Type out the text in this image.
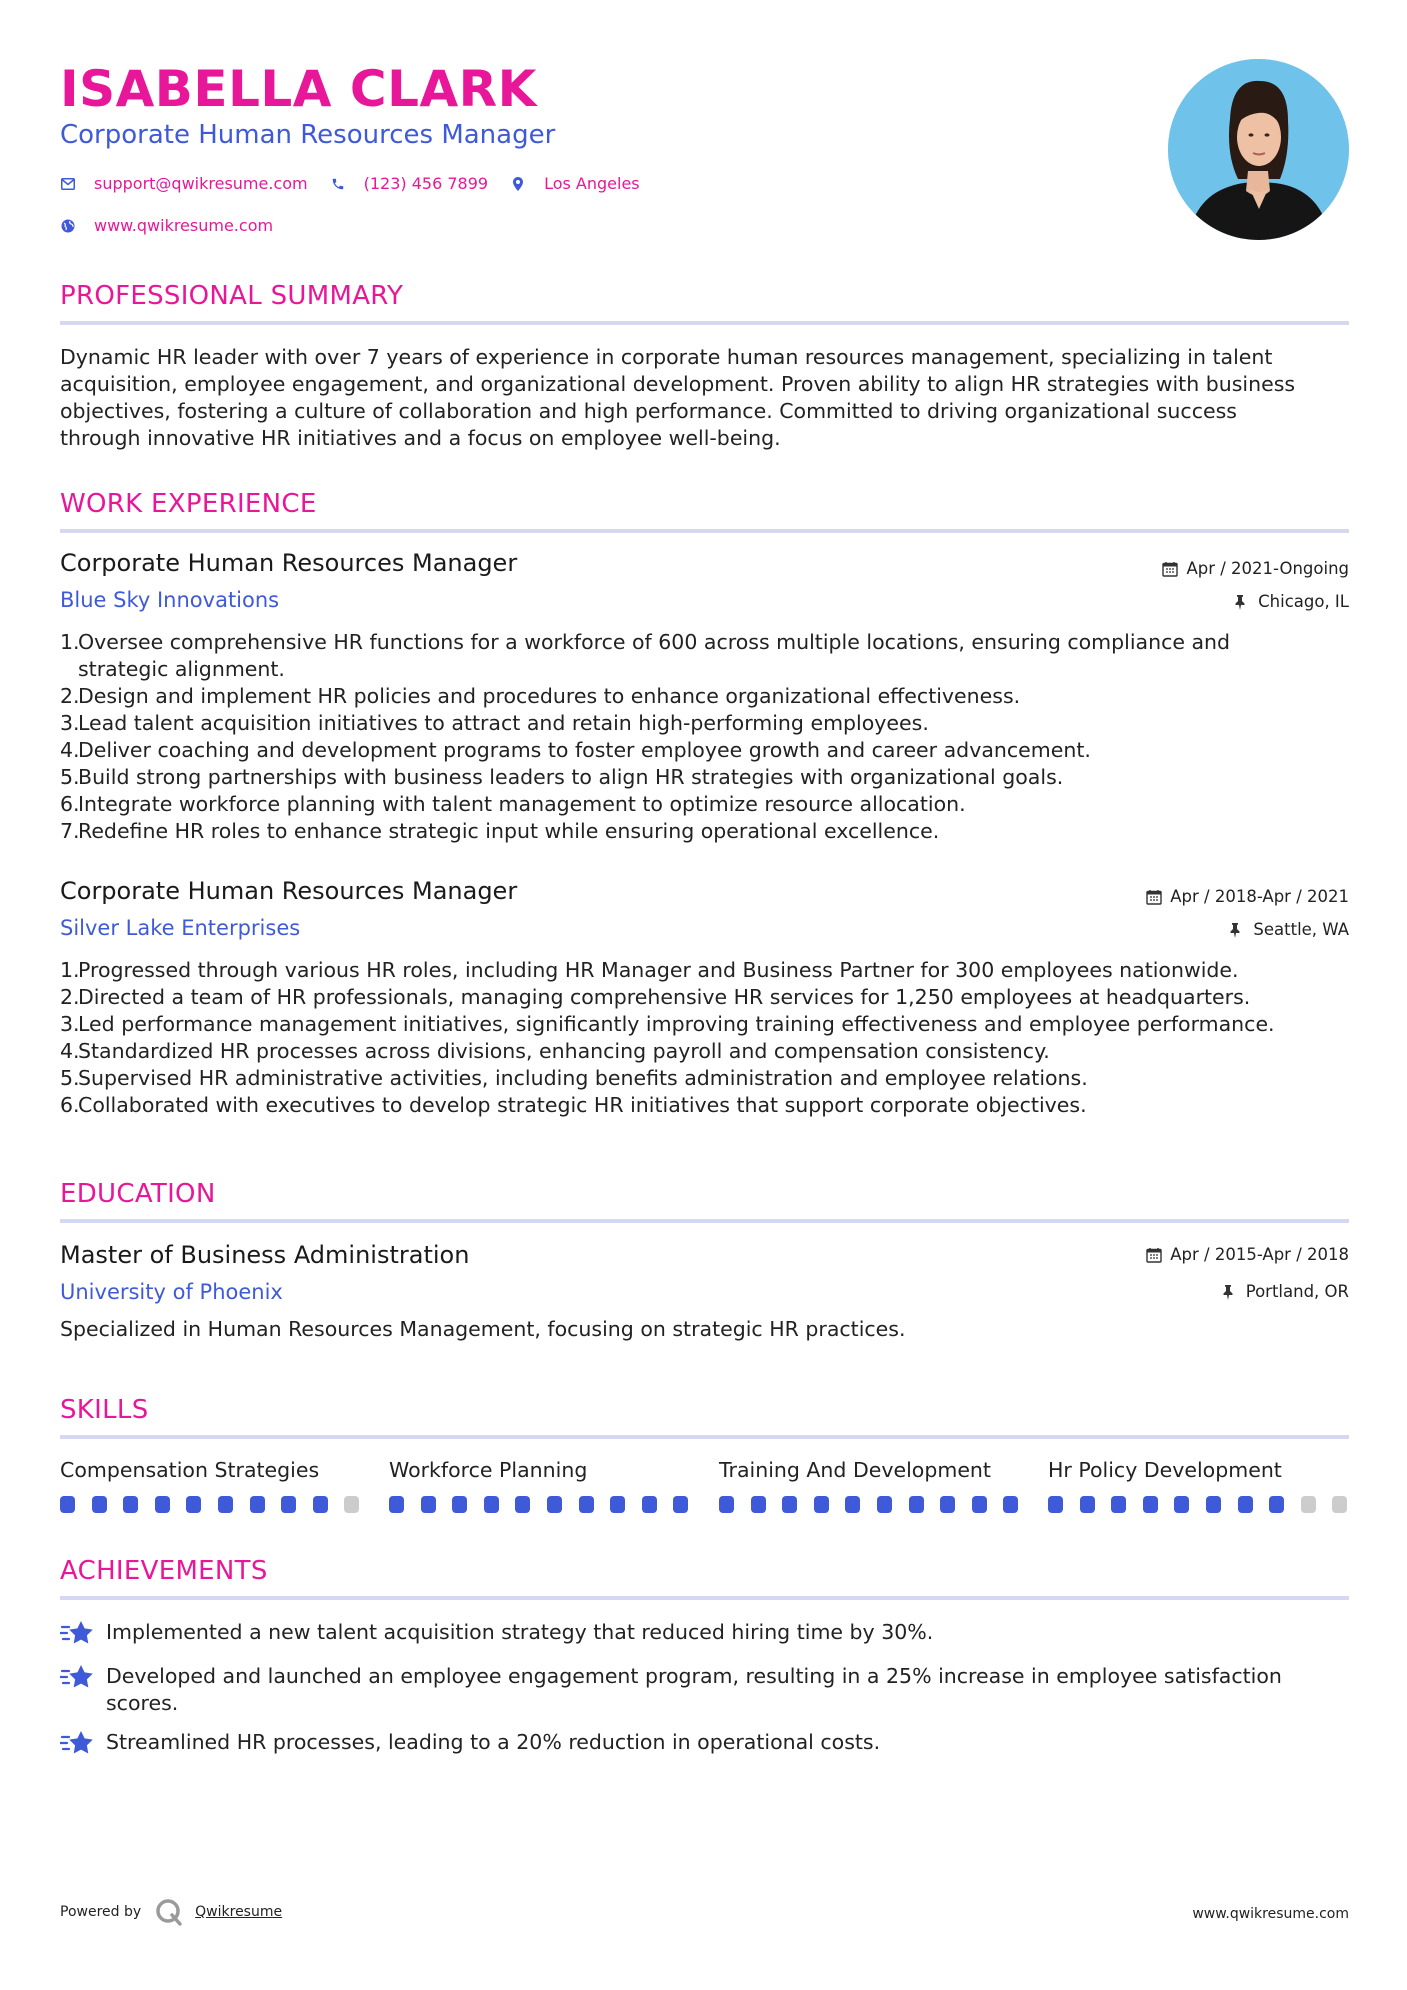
ISABELLA CLARK
Corporate Human Resources Manager
support@qwikresume.com	(123) 456 7899	Los Angeles
www.qwikresume.com
PROFESSIONAL SUMMARY
Dynamic HR leader with over 7 years of experience in corporate human resources management, specializing in talent
acquisition, employee engagement, and organizational development. Proven ability to align HR strategies with business
objectives, fostering a culture of collaboration and high performance. Committed to driving organizational success
through innovative HR initiatives and a focus on employee well-being.
WORK EXPERIENCE
Corporate Human Resources Manager	Apr / 2021-Ongoing
Blue Sky Innovations	Chicago, IL
1.
Oversee comprehensive HR functions for a workforce of 600 across multiple locations, ensuring compliance and
strategic alignment.
2.
Design and implement HR policies and procedures to enhance organizational effectiveness.
3.
Lead talent acquisition initiatives to attract and retain high-performing employees.
4.
Deliver coaching and development programs to foster employee growth and career advancement.
5.
Build strong partnerships with business leaders to align HR strategies with organizational goals.
6.
Integrate workforce planning with talent management to optimize resource allocation.
7.
Redefine HR roles to enhance strategic input while ensuring operational excellence.
Corporate Human Resources Manager	Apr / 2018-Apr / 2021
Silver Lake Enterprises	Seattle, WA
1.
Progressed through various HR roles, including HR Manager and Business Partner for 300 employees nationwide.
2.
Directed a team of HR professionals, managing comprehensive HR services for 1,250 employees at headquarters.
3.
Led performance management initiatives, significantly improving training effectiveness and employee performance.
4.
Standardized HR processes across divisions, enhancing payroll and compensation consistency.
5.
Supervised HR administrative activities, including benefits administration and employee relations.
6.
Collaborated with executives to develop strategic HR initiatives that support corporate objectives.
EDUCATION
Master of Business Administration	Apr / 2015-Apr / 2018
University of Phoenix	Portland, OR
Specialized in Human Resources Management, focusing on strategic HR practices.
SKILLS
Compensation Strategies	Workforce Planning	Training And Development	Hr Policy Development
ACHIEVEMENTS
Implemented a new talent acquisition strategy that reduced hiring time by 30%.
Developed and launched an employee engagement program, resulting in a 25% increase in employee satisfaction
scores.
Streamlined HR processes, leading to a 20% reduction in operational costs.
Powered by	Qwikresume	www.qwikresume.com
